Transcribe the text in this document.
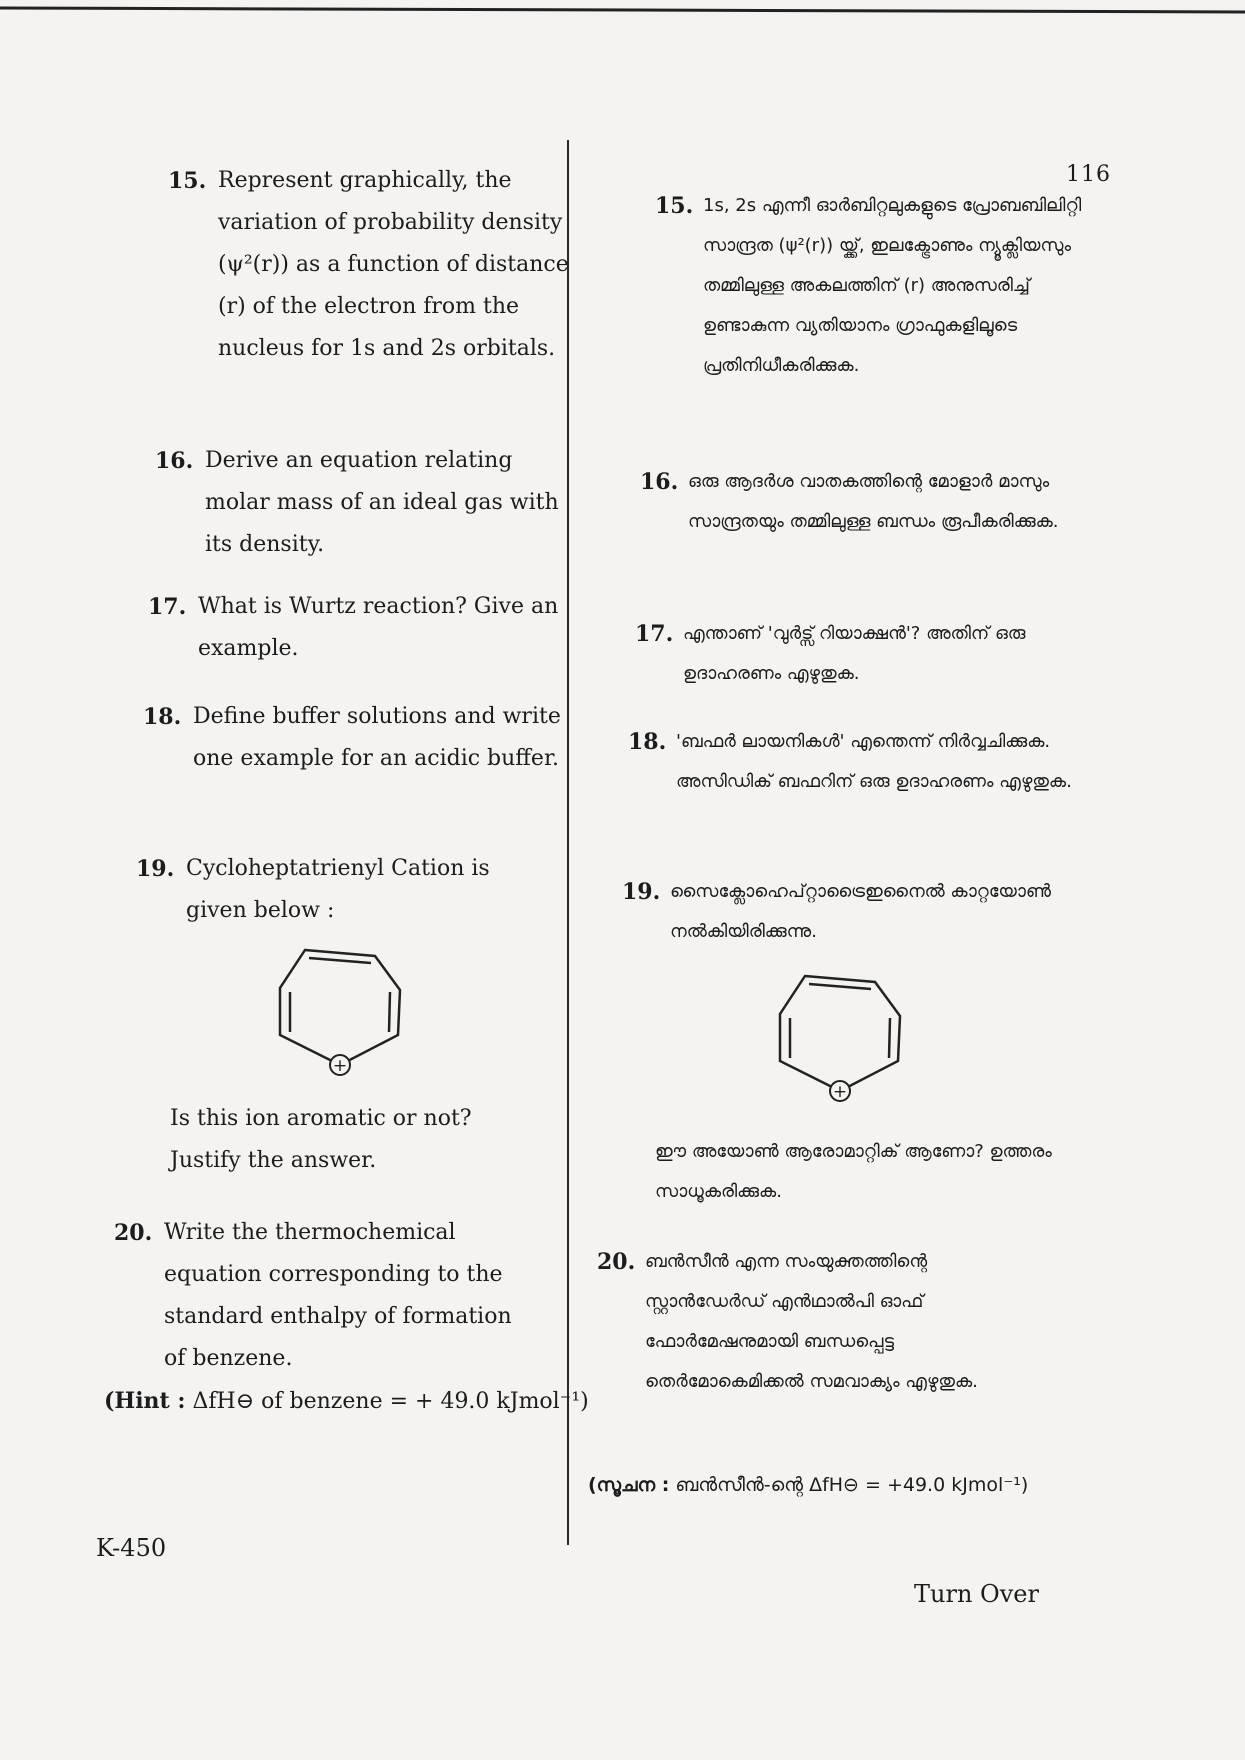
116
15. Represent graphically, the variation of probability density (ψ²(r)) as a function of distance (r) of the electron from the nucleus for 1s and 2s orbitals.

16. Derive an equation relating molar mass of an ideal gas with its density.

17. What is Wurtz reaction? Give an example.

18. Define buffer solutions and write one example for an acidic buffer.

19. Cycloheptatrienyl Cation is given below :

+

Is this ion aromatic or not? Justify the answer.

20. Write the thermochemical equation corresponding to the standard enthalpy of formation of benzene.

(Hint : ΔfH⊖ of benzene = + 49.0 kJmol⁻¹)
15. 1s, 2s എന്നീ ഓർബിറ്റലുകളുടെ പ്രോബബിലിറ്റി സാന്ദ്രത (ψ²(r)) യ്ക്ക്, ഇലക്ട്രോണും ന്യൂക്ലിയസും തമ്മിലുള്ള അകലത്തിന് (r) അനുസരിച്ച് ഉണ്ടാകുന്ന വ്യതിയാനം ഗ്രാഫുകളിലൂടെ പ്രതിനിധീകരിക്കുക.

16. ഒരു ആദർശ വാതകത്തിന്റെ മോളാർ മാസും സാന്ദ്രതയും തമ്മിലുള്ള ബന്ധം രൂപീകരിക്കുക.

17. എന്താണ് 'വുർട്സ് റിയാക്ഷൻ'? അതിന് ഒരു ഉദാഹരണം എഴുതുക.

18. 'ബഫർ ലായനികൾ' എന്തെന്ന് നിർവ്വചിക്കുക. അസിഡിക് ബഫറിന് ഒരു ഉദാഹരണം എഴുതുക.

19. സൈക്ലോഹെപ്റ്റാട്രൈഇനൈൽ കാറ്റയോൺ നൽകിയിരിക്കുന്നു.

+

ഈ അയോൺ ആരോമാറ്റിക് ആണോ? ഉത്തരം സാധൂകരിക്കുക.

20. ബൻസീൻ എന്ന സംയുക്തത്തിന്റെ സ്റ്റാൻഡേർഡ് എൻഥാൽപി ഓഫ് ഫോർമേഷനുമായി ബന്ധപ്പെട്ട തെർമോകെമിക്കൽ സമവാക്യം എഴുതുക.

(സൂചന : ബൻസീൻ-ന്റെ ΔfH⊖ = +49.0 kJmol⁻¹)
K-450
Turn Over
